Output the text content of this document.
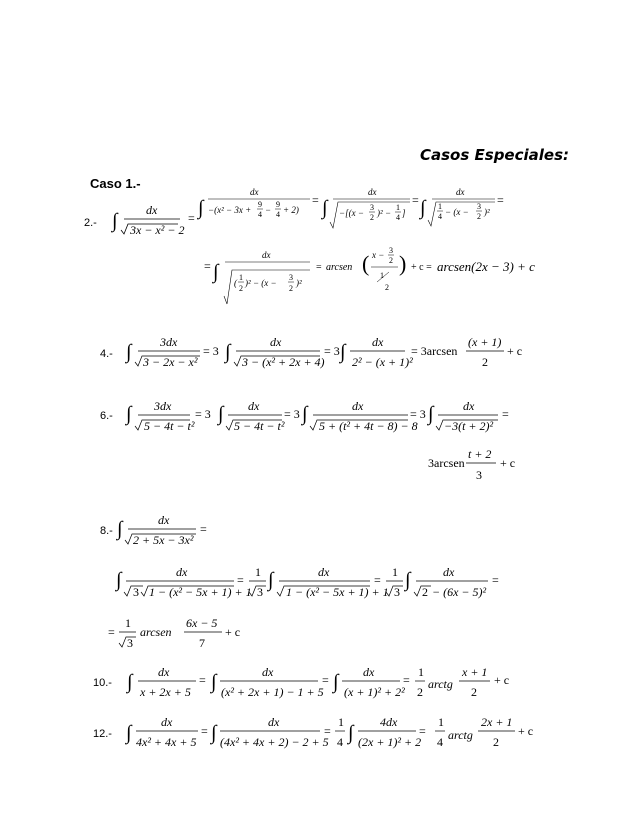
Casos Especiales:
Caso 1.-
2.-
4.-
6.-
8.-
10.-
12.-
∫ dx
3x − x² − 2
= ∫
dx
−(x² − 3x +
9
4 −
9
4 + 2)
= ∫
dx
−[(x −
3
2 )² −
1
4 ]
= ∫
dx
1
4 − (x −
3
2 )²
=
= ∫
dx
(
1
2
)² − (x −
3
2
)²
= arcsen ( x − 3
2
1
2
) + c = arcsen(2x − 3) + c
∫ 3dx
3 − 2x − x²
= 3 ∫	dx
3 − (x² + 2x + 4)
= 3 ∫ dx
2² − (x + 1)²
= 3arcsen
(x + 1)
2
+ c
∫ 3dx
5 − 4t − t²
= 3 ∫ dx
5 − 4t − t²
= 3 ∫	dx
5 + (t² + 4t − 8) − 8
= 3 ∫ dx
−3(t + 2)²
=
3arcsen
t + 2
3
+ c
∫	dx
2 + 5x − 3x²
=
∫	dx
3 1 − (x² − 5x + 1) + 1
=
1
3
∫	dx
1 − (x² − 5x + 1) + 1
=
1
3
∫	dx
2 − (6x − 5)²
=
=
1
3
arcsen
6x − 5
7
+ c
∫ dx
x + 2x + 5
= ∫	dx
(x² + 2x + 1) − 1 + 5
= ∫ dx
(x + 1)² + 2²
=
1
2
arctg
x + 1
2
+ c
∫ dx
4x² + 4x + 5
= ∫	dx
(4x² + 4x + 2) − 2 + 5
=
1
4 ∫ 4dx
(2x + 1)² + 2
=
1
4 arctg
2x + 1
2
+ c
